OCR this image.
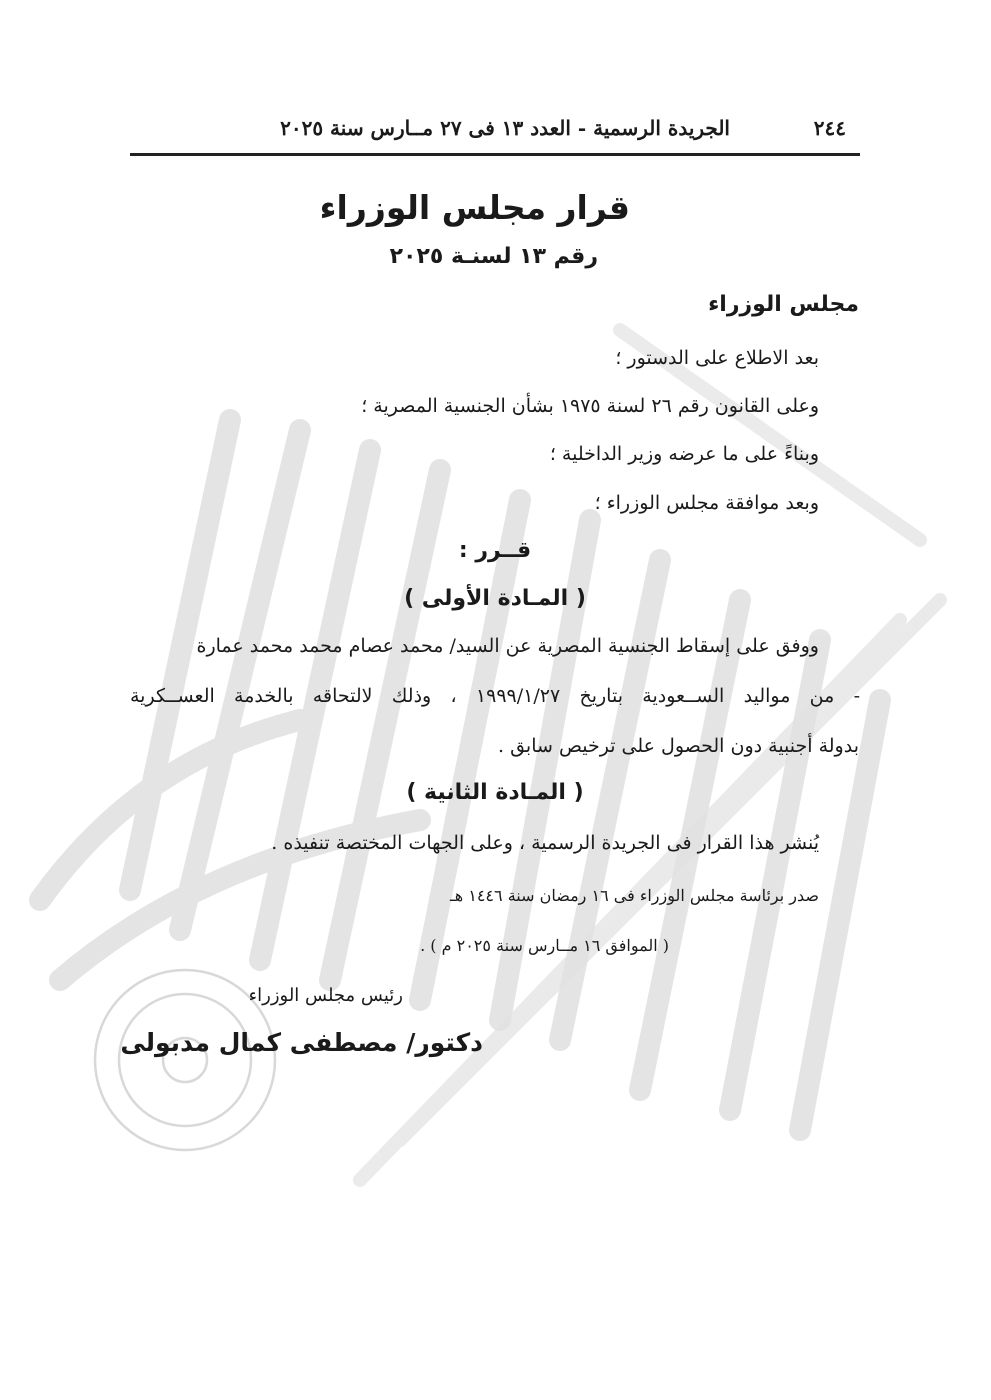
٢٤٤
الجريدة الرسمية - العدد ١٣ فى ٢٧ مــارس سنة ٢٠٢٥
قرار مجلس الوزراء
رقم ١٣ لسنـة ٢٠٢٥
مجلس الوزراء
بعد الاطلاع على الدستور ؛
وعلى القانون رقم ٢٦ لسنة ١٩٧٥ بشأن الجنسية المصرية ؛
وبناءً على ما عرضه وزير الداخلية ؛
وبعد موافقة مجلس الوزراء ؛
قــرر :
( المـادة الأولى )
ووفق على إسقاط الجنسية المصرية عن السيد/ محمد عصام محمد محمد عمارة
- من مواليد الســعودية بتاريخ ١٩٩٩/١/٢٧ ، وذلك لالتحاقه بالخدمة العســكرية
بدولة أجنبية دون الحصول على ترخيص سابق .
( المـادة الثانية )
يُنشر هذا القرار فى الجريدة الرسمية ، وعلى الجهات المختصة تنفيذه .
صدر برئاسة مجلس الوزراء فى ١٦ رمضان سنة ١٤٤٦ هـ
( الموافق ١٦ مــارس سنة ٢٠٢٥ م ) .
رئيس مجلس الوزراء
دكتور/ مصطفى كمال مدبولى
